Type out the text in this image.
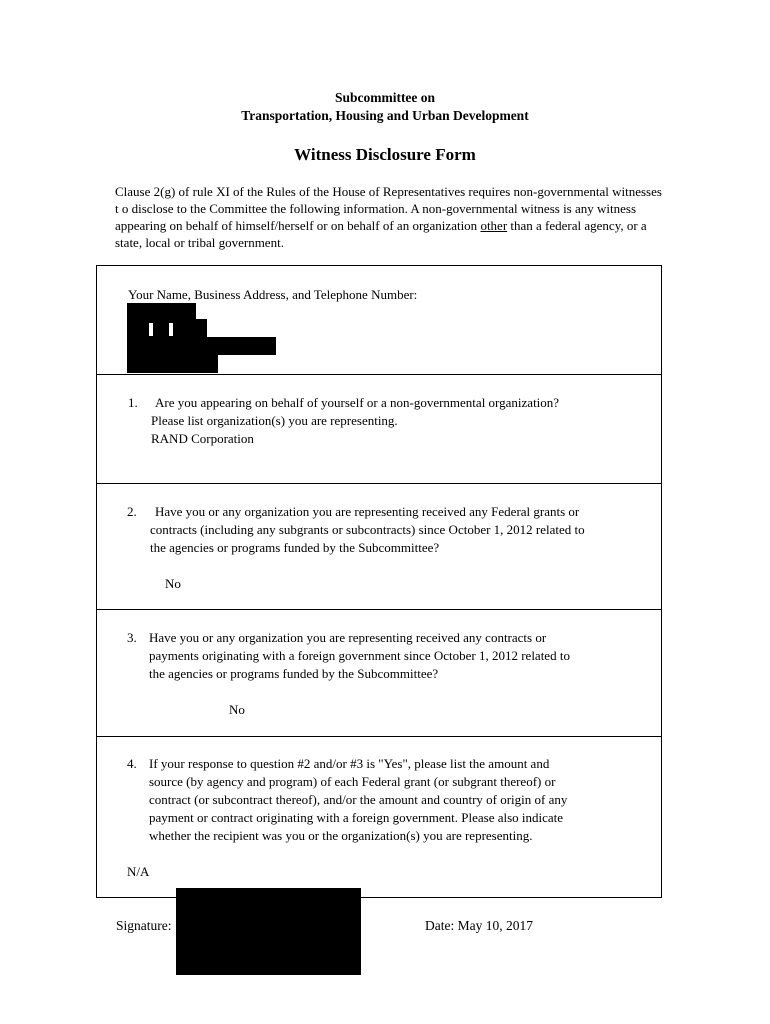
Subcommittee on
Transportation, Housing and Urban Development
Witness Disclosure Form

Clause 2(g) of rule XI of the Rules of the House of Representatives requires non-governmental witnesses t o disclose to the Committee the following information. A non-governmental witness is any witness appearing on behalf of himself/herself or on behalf of an organization other than a federal agency, or a state, local or tribal government.

Your Name, Business Address, and Telephone Number:
1. Are you appearing on behalf of yourself or a non-governmental organization?
Please list organization(s) you are representing.
RAND Corporation
2. Have you or any organization you are representing received any Federal grants or
contracts (including any subgrants or subcontracts) since October 1, 2012 related to
the agencies or programs funded by the Subcommittee?
No
3. Have you or any organization you are representing received any contracts or
payments originating with a foreign government since October 1, 2012 related to
the agencies or programs funded by the Subcommittee?
No
4. If your response to question #2 and/or #3 is "Yes", please list the amount and
source (by agency and program) of each Federal grant (or subgrant thereof) or
contract (or subcontract thereof), and/or the amount and country of origin of any
payment or contract originating with a foreign government. Please also indicate
whether the recipient was you or the organization(s) you are representing.
N/A
Signature:	Date: May 10, 2017
